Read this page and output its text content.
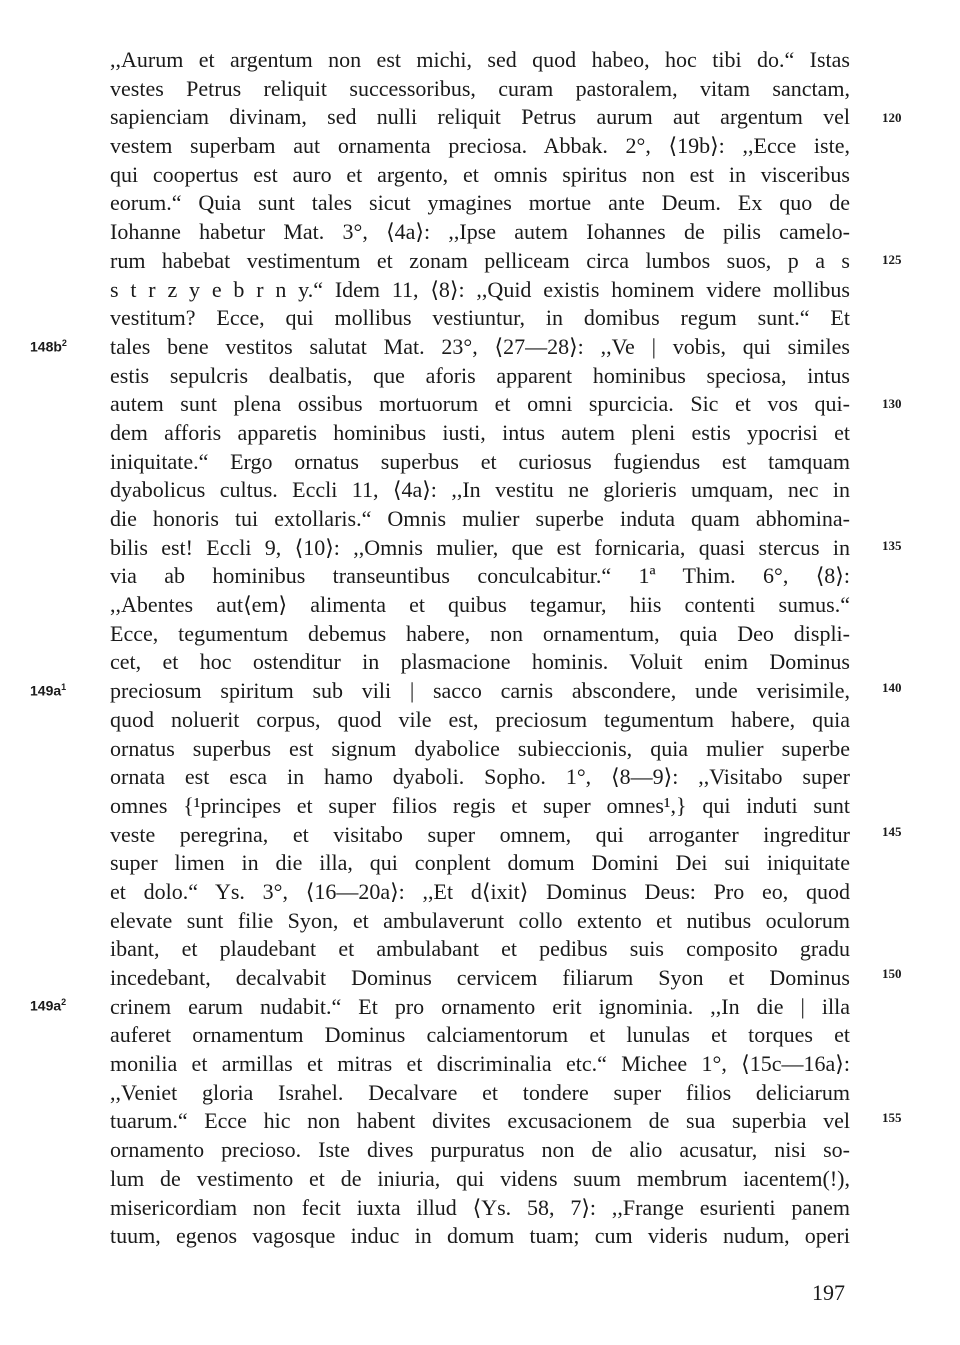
,,Aurum et argentum non est michi, sed quod habeo, hoc tibi do.“ Istas
vestes Petrus reliquit successoribus, curam pastoralem, vitam sanctam,
sapienciam divinam, sed nulli reliquit Petrus aurum aut argentum vel
vestem superbam aut ornamenta preciosa. Abbak. 2°, ⟨19b⟩: ,,Ecce iste,
qui coopertus est auro et argento, et omnis spiritus non est in visceribus
eorum.“ Quia sunt tales sicut ymagines mortue ante Deum. Ex quo de
Iohanne habetur Mat. 3°, ⟨4a⟩: ,,Ipse autem Iohannes de pilis camelo-
rum habebat vestimentum et zonam pelliceam circa lumbos suos, p a s
s t r z y e b r n y.“ Idem 11, ⟨8⟩: ,,Quid existis hominem videre mollibus
vestitum? Ecce, qui mollibus vestiuntur, in domibus regum sunt.“ Et
tales bene vestitos salutat Mat. 23°, ⟨27—28⟩: ,,Ve | vobis, qui similes
estis sepulcris dealbatis, que aforis apparent hominibus speciosa, intus
autem sunt plena ossibus mortuorum et omni spurcicia. Sic et vos qui-
dem afforis apparetis hominibus iusti, intus autem pleni estis ypocrisi et
iniquitate.“ Ergo ornatus superbus et curiosus fugiendus est tamquam
dyabolicus cultus. Eccli 11, ⟨4a⟩: ,,In vestitu ne glorieris umquam, nec in
die honoris tui extollaris.“ Omnis mulier superbe induta quam abhomina-
bilis est! Eccli 9, ⟨10⟩: ,,Omnis mulier, que est fornicaria, quasi stercus in
via ab hominibus transeuntibus conculcabitur.“ 1ª Thim. 6°, ⟨8⟩:
,,Abentes aut⟨em⟩ alimenta et quibus tegamur, hiis contenti sumus.“
Ecce, tegumentum debemus habere, non ornamentum, quia Deo displi-
cet, et hoc ostenditur in plasmacione hominis. Voluit enim Dominus
preciosum spiritum sub vili | sacco carnis abscondere, unde verisimile,
quod noluerit corpus, quod vile est, preciosum tegumentum habere, quia
ornatus superbus est signum dyabolice subieccionis, quia mulier superbe
ornata est esca in hamo dyaboli. Sopho. 1°, ⟨8—9⟩: ,,Visitabo super
omnes {¹principes et super filios regis et super omnes¹,} qui induti sunt
veste peregrina, et visitabo super omnem, qui arroganter ingreditur
super limen in die illa, qui conplent domum Domini Dei sui iniquitate
et dolo.“ Ys. 3°, ⟨16—20a⟩: ,,Et d⟨ixit⟩ Dominus Deus: Pro eo, quod
elevate sunt filie Syon, et ambulaverunt collo extento et nutibus oculorum
ibant, et plaudebant et ambulabant et pedibus suis composito gradu
incedebant, decalvabit Dominus cervicem filiarum Syon et Dominus
crinem earum nudabit.“ Et pro ornamento erit ignominia. ,,In die | illa
auferet ornamentum Dominus calciamentorum et lunulas et torques et
monilia et armillas et mitras et discriminalia etc.“ Michee 1°, ⟨15c—16a⟩:
,,Veniet gloria Israhel. Decalvare et tondere super filios deliciarum
tuarum.“ Ecce hic non habent divites excusacionem de sua superbia vel
ornamento precioso. Iste dives purpuratus non de alio acusatur, nisi so-
lum de vestimento et de iniuria, qui videns suum membrum iacentem(!),
misericordiam non fecit iuxta illud ⟨Ys. 58, 7⟩: ,,Frange esurienti panem
tuum, egenos vagosque induc in domum tuam; cum videris nudum, operi
$148b^2$
$149a^1$
$149a^2$
120
125
130
135
140
145
150
155
197
